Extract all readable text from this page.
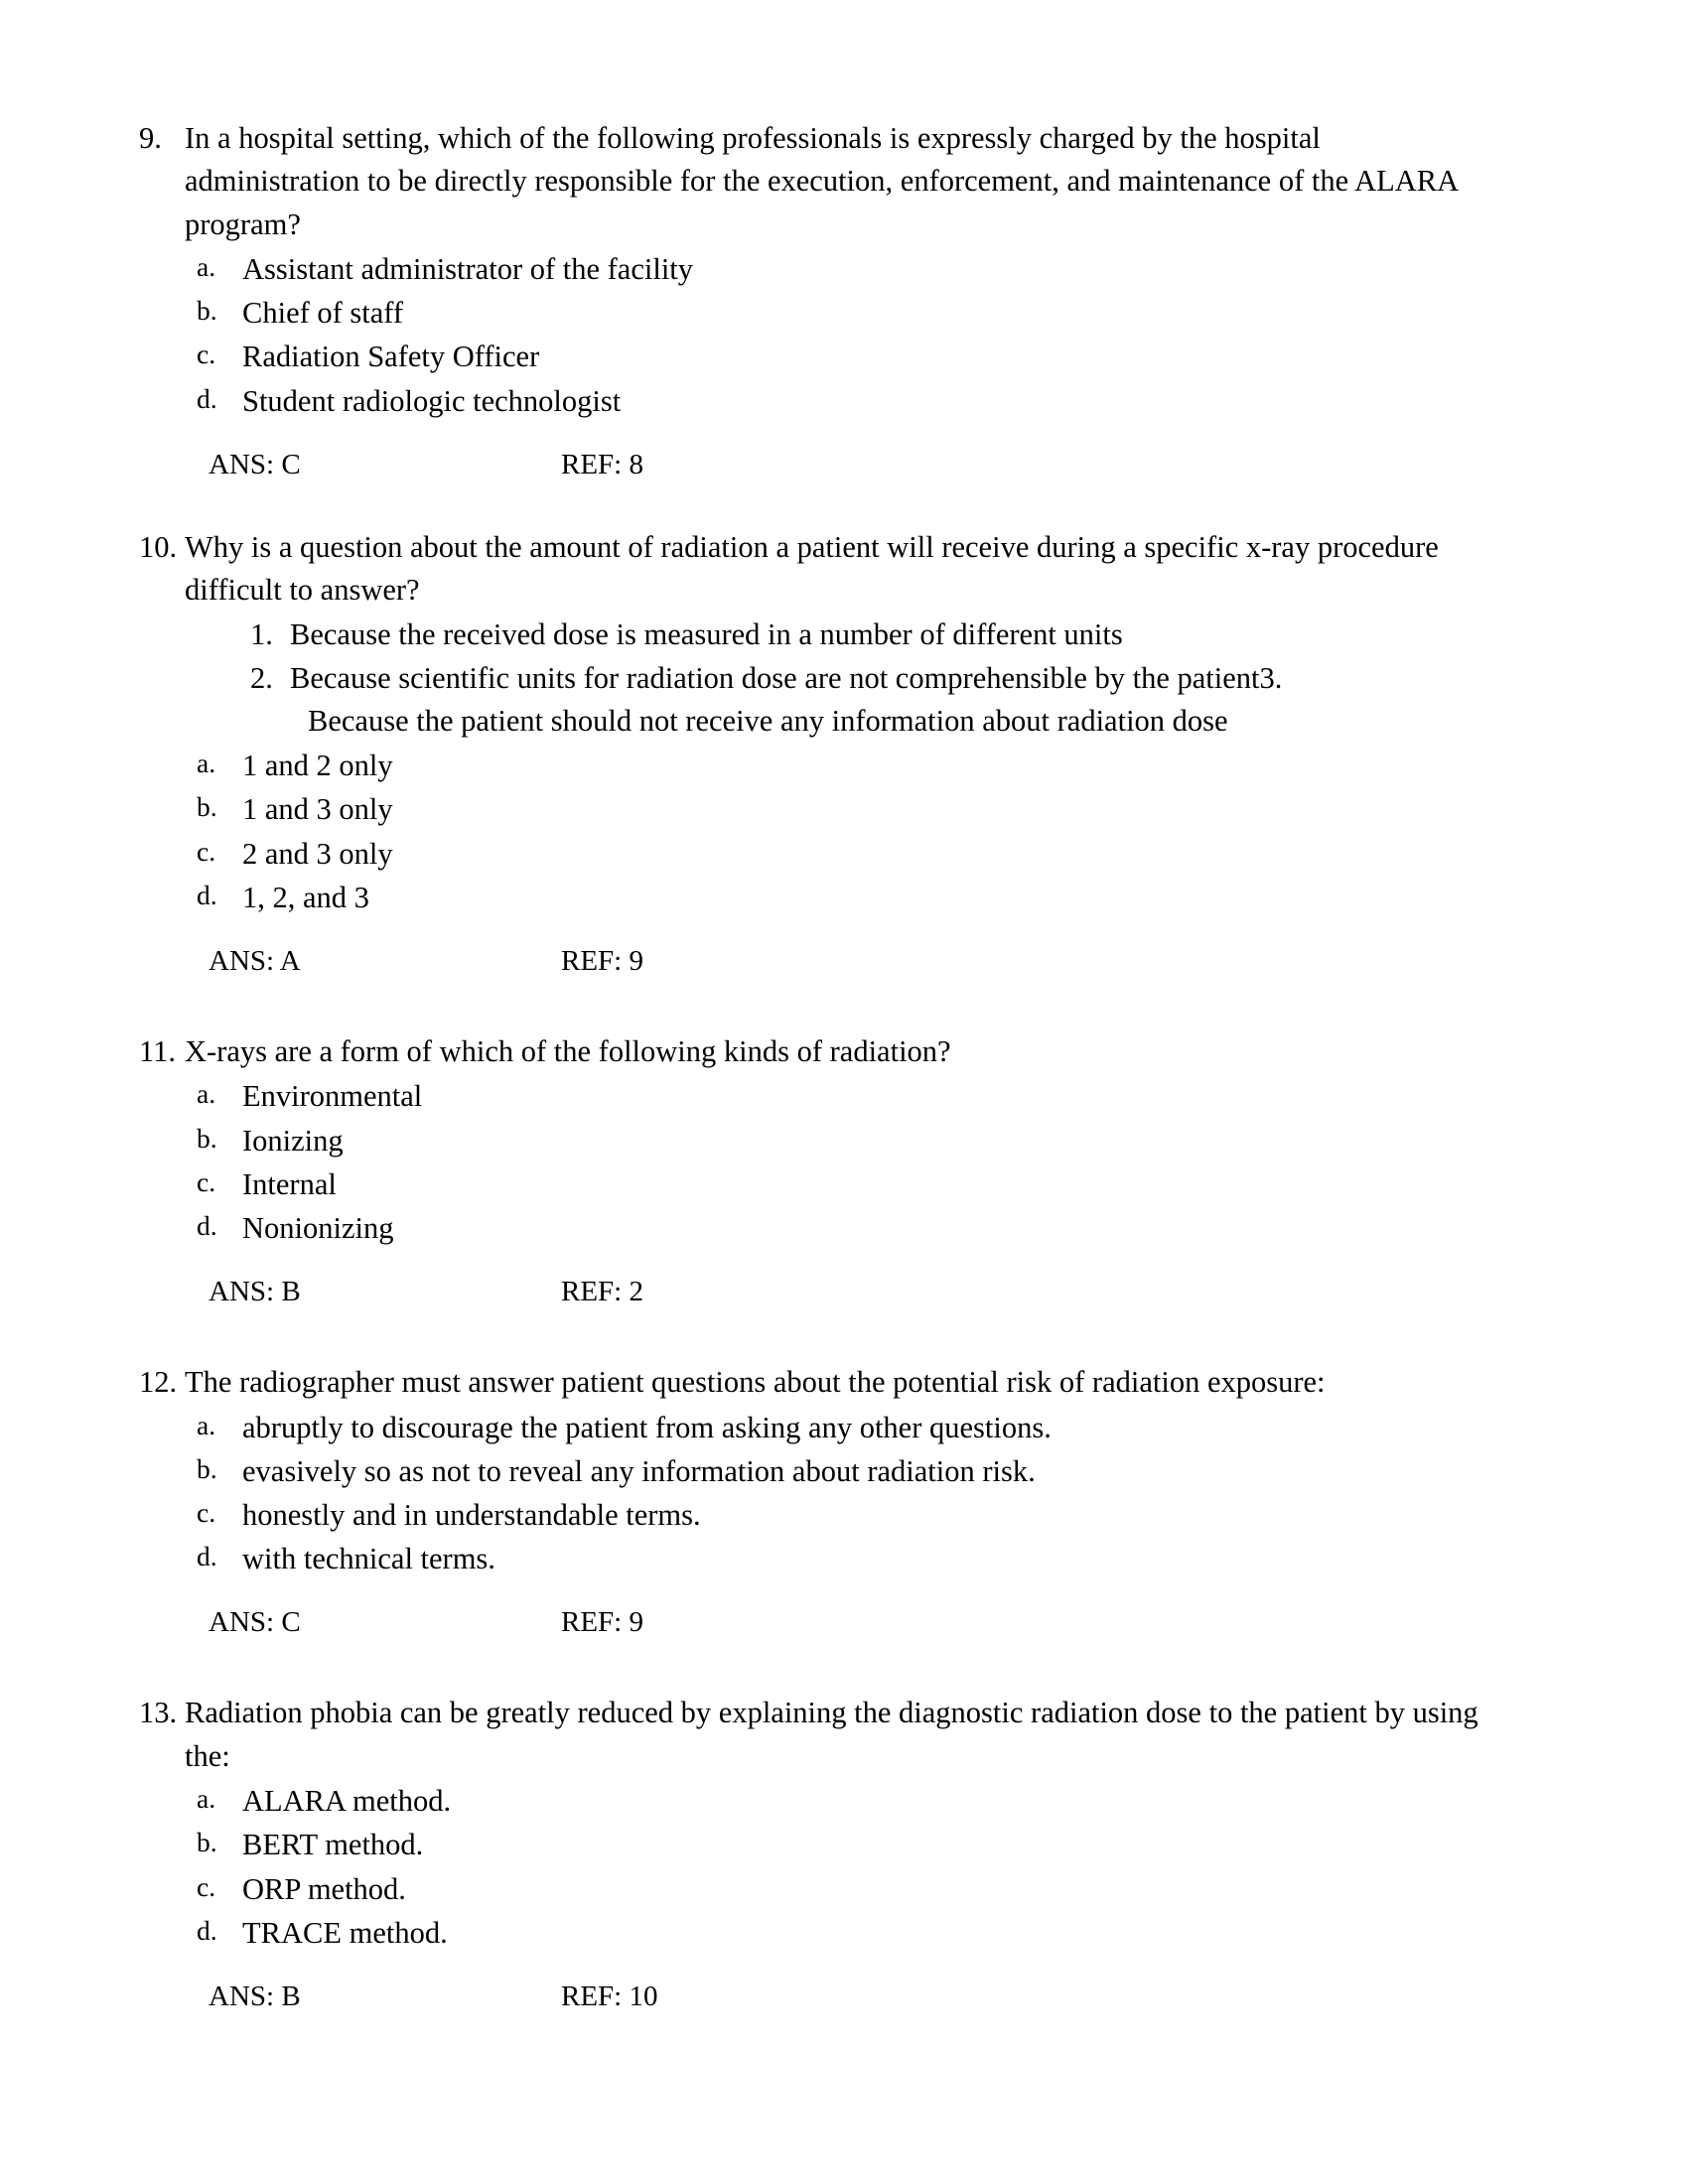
9. In a hospital setting, which of the following professionals is expressly charged by the hospital administration to be directly responsible for the execution, enforcement, and maintenance of the ALARA program?
a. Assistant administrator of the facility
b. Chief of staff
c. Radiation Safety Officer
d. Student radiologic technologist
ANS: C	REF: 8
10. Why is a question about the amount of radiation a patient will receive during a specific x-ray procedure difficult to answer?
1. Because the received dose is measured in a number of different units
2. Because scientific units for radiation dose are not comprehensible by the patient3.
Because the patient should not receive any information about radiation dose
a. 1 and 2 only
b. 1 and 3 only
c. 2 and 3 only
d. 1, 2, and 3
ANS: A	REF: 9
11. X-rays are a form of which of the following kinds of radiation?
a. Environmental
b. Ionizing
c. Internal
d. Nonionizing
ANS: B	REF: 2
12. The radiographer must answer patient questions about the potential risk of radiation exposure:
a. abruptly to discourage the patient from asking any other questions.
b. evasively so as not to reveal any information about radiation risk.
c. honestly and in understandable terms.
d. with technical terms.
ANS: C	REF: 9
13. Radiation phobia can be greatly reduced by explaining the diagnostic radiation dose to the patient by using the:
a. ALARA method.
b. BERT method.
c. ORP method.
d. TRACE method.
ANS: B	REF: 10
